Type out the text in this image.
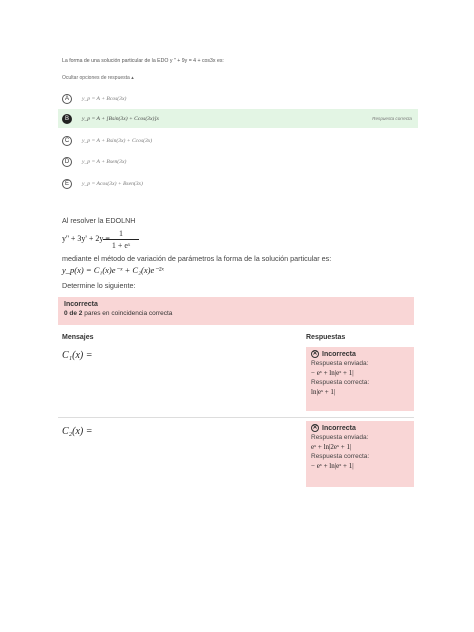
La forma de una solución particular de la EDO y '' + 9y = 4 + cos3x es:
Ocultar opciones de respuesta ▴
A	y_p = A + Bcos(3x)
B	y_p = A + [Bsin(3x) + Ccos(3x)]x	Respuesta correcta
C	y_p = A + Bsin(3x) + Ccos(3x)
D	y_p = A + Bsen(3x)
E	y_p = Acos(3x) + Bsen(3x)
Al resolver la EDOLNH
y'' + 3y' + 2y =
1
1 + eˣ
mediante el método de variación de parámetros la forma de la solución particular es:
y_p(x) = C₁(x)e⁻ˣ + C₂(x)e⁻²ˣ
Determine lo siguiente:
Incorrecta
0 de 2 pares en coincidencia correcta
Mensajes	Respuestas
C₁(x) =	✕ Incorrecta
Respuesta enviada:
− eˣ + ln|eˣ + 1|
Respuesta correcta:
ln|eˣ + 1|
C₂(x) =	✕ Incorrecta
Respuesta enviada:
eˣ + ln|2eˣ + 1|
Respuesta correcta:
− eˣ + ln|eˣ + 1|
